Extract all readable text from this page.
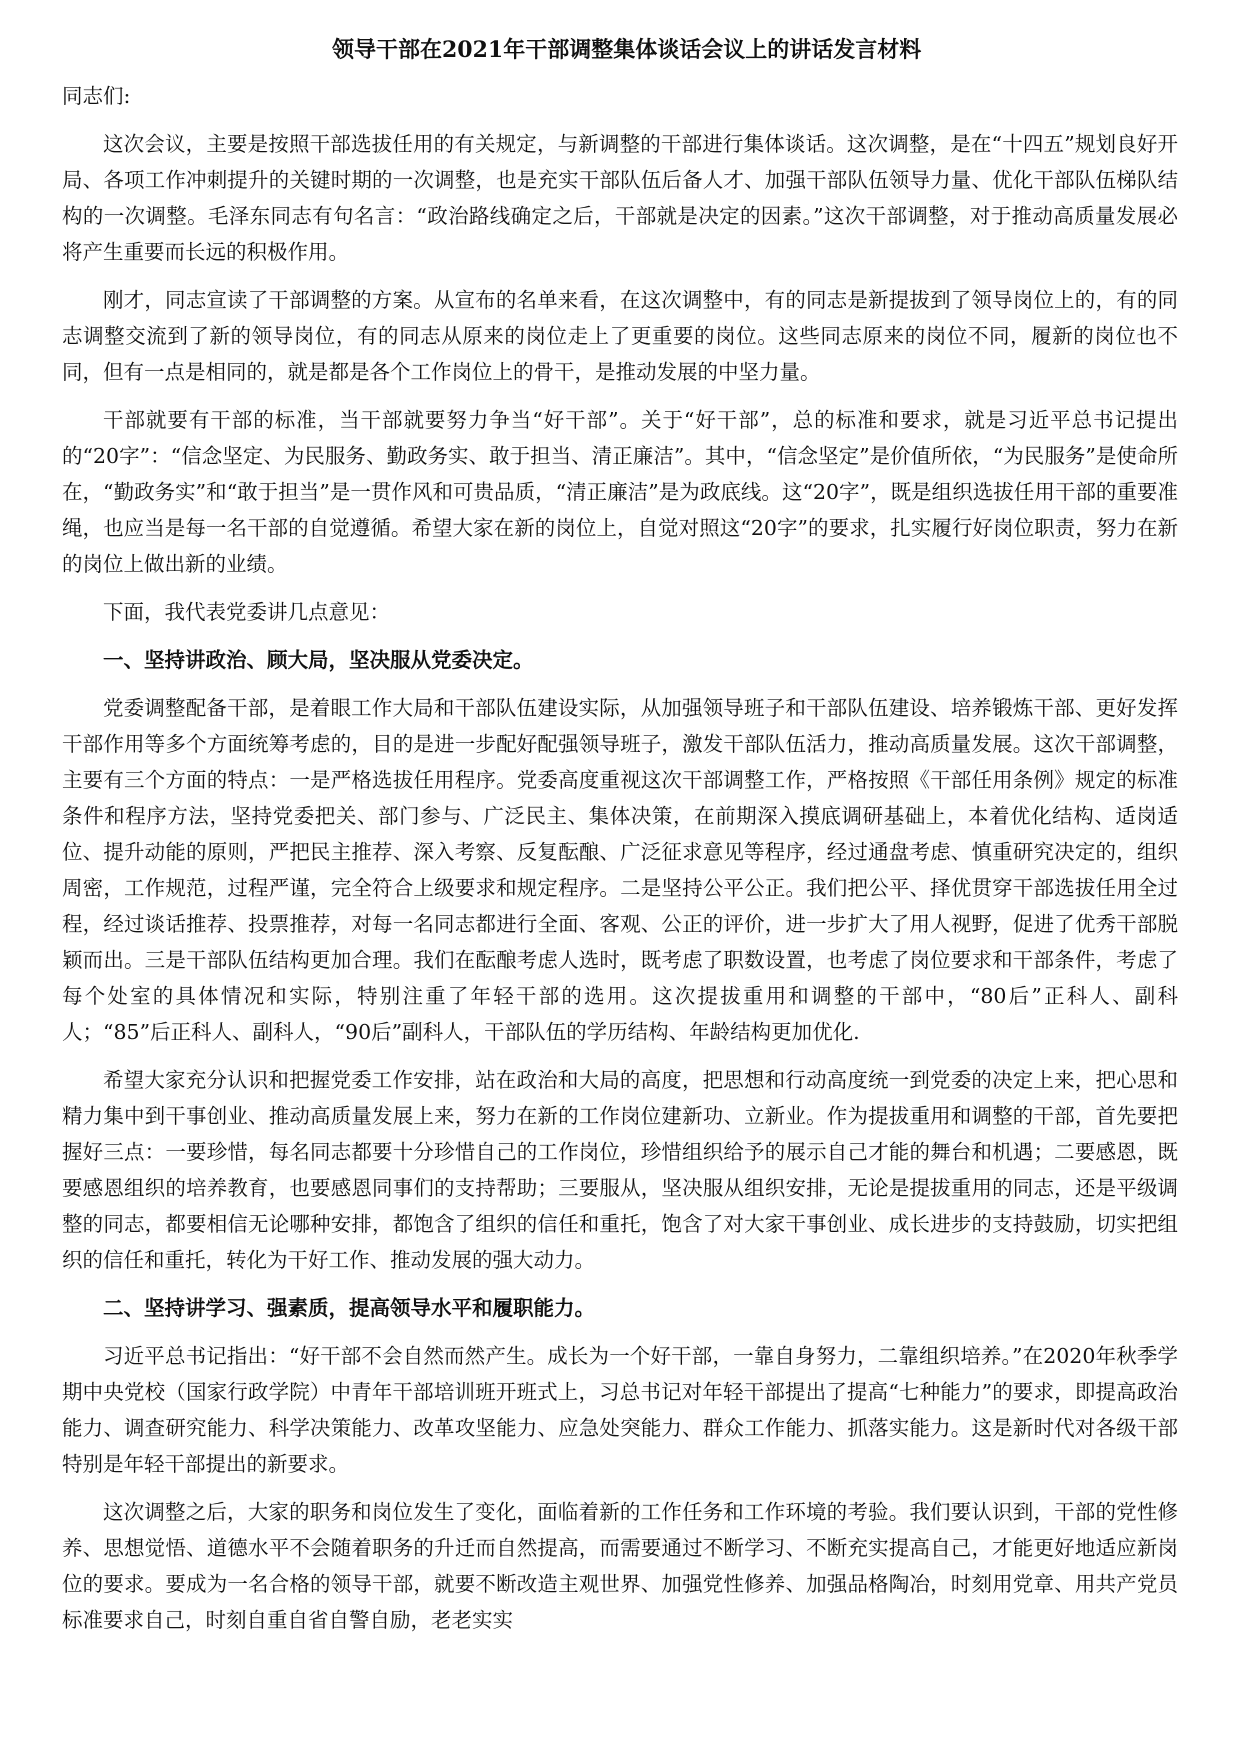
领导干部在2021年干部调整集体谈话会议上的讲话发言材料

同志们:

这次会议，主要是按照干部选拔任用的有关规定，与新调整的干部进行集体谈话。这次调整，是在“十四五”规划良好开局、各项工作冲刺提升的关键时期的一次调整，也是充实干部队伍后备人才、加强干部队伍领导力量、优化干部队伍梯队结构的一次调整。毛泽东同志有句名言：“政治路线确定之后，干部就是决定的因素。”这次干部调整，对于推动高质量发展必将产生重要而长远的积极作用。

刚才，同志宣读了干部调整的方案。从宣布的名单来看，在这次调整中，有的同志是新提拔到了领导岗位上的，有的同志调整交流到了新的领导岗位，有的同志从原来的岗位走上了更重要的岗位。这些同志原来的岗位不同，履新的岗位也不同，但有一点是相同的，就是都是各个工作岗位上的骨干，是推动发展的中坚力量。

干部就要有干部的标准，当干部就要努力争当“好干部”。关于“好干部”，总的标准和要求，就是习近平总书记提出的“20字”：“信念坚定、为民服务、勤政务实、敢于担当、清正廉洁”。其中，“信念坚定”是价值所依，“为民服务”是使命所在，“勤政务实”和“敢于担当”是一贯作风和可贵品质，“清正廉洁”是为政底线。这“20字”，既是组织选拔任用干部的重要准绳，也应当是每一名干部的自觉遵循。希望大家在新的岗位上，自觉对照这“20字”的要求，扎实履行好岗位职责，努力在新的岗位上做出新的业绩。

下面，我代表党委讲几点意见：

一、坚持讲政治、顾大局，坚决服从党委决定。

党委调整配备干部，是着眼工作大局和干部队伍建设实际，从加强领导班子和干部队伍建设、培养锻炼干部、更好发挥干部作用等多个方面统筹考虑的，目的是进一步配好配强领导班子，激发干部队伍活力，推动高质量发展。这次干部调整，主要有三个方面的特点：一是严格选拔任用程序。党委高度重视这次干部调整工作，严格按照《干部任用条例》规定的标准条件和程序方法，坚持党委把关、部门参与、广泛民主、集体决策，在前期深入摸底调研基础上，本着优化结构、适岗适位、提升动能的原则，严把民主推荐、深入考察、反复酝酿、广泛征求意见等程序，经过通盘考虑、慎重研究决定的，组织周密，工作规范，过程严谨，完全符合上级要求和规定程序。二是坚持公平公正。我们把公平、择优贯穿干部选拔任用全过程，经过谈话推荐、投票推荐，对每一名同志都进行全面、客观、公正的评价，进一步扩大了用人视野，促进了优秀干部脱颖而出。三是干部队伍结构更加合理。我们在酝酿考虑人选时，既考虑了职数设置，也考虑了岗位要求和干部条件，考虑了每个处室的具体情况和实际，特别注重了年轻干部的选用。这次提拔重用和调整的干部中，“80后”正科人、副科人；“85”后正科人、副科人，“90后”副科人，干部队伍的学历结构、年龄结构更加优化.

希望大家充分认识和把握党委工作安排，站在政治和大局的高度，把思想和行动高度统一到党委的决定上来，把心思和精力集中到干事创业、推动高质量发展上来，努力在新的工作岗位建新功、立新业。作为提拔重用和调整的干部，首先要把握好三点：一要珍惜，每名同志都要十分珍惜自己的工作岗位，珍惜组织给予的展示自己才能的舞台和机遇；二要感恩，既要感恩组织的培养教育，也要感恩同事们的支持帮助；三要服从，坚决服从组织安排，无论是提拔重用的同志，还是平级调整的同志，都要相信无论哪种安排，都饱含了组织的信任和重托，饱含了对大家干事创业、成长进步的支持鼓励，切实把组织的信任和重托，转化为干好工作、推动发展的强大动力。

二、坚持讲学习、强素质，提高领导水平和履职能力。

习近平总书记指出：“好干部不会自然而然产生。成长为一个好干部，一靠自身努力，二靠组织培养。”在2020年秋季学期中央党校（国家行政学院）中青年干部培训班开班式上，习总书记对年轻干部提出了提高“七种能力”的要求，即提高政治能力、调查研究能力、科学决策能力、改革攻坚能力、应急处突能力、群众工作能力、抓落实能力。这是新时代对各级干部特别是年轻干部提出的新要求。

这次调整之后，大家的职务和岗位发生了变化，面临着新的工作任务和工作环境的考验。我们要认识到，干部的党性修养、思想觉悟、道德水平不会随着职务的升迁而自然提高，而需要通过不断学习、不断充实提高自己，才能更好地适应新岗位的要求。要成为一名合格的领导干部，就要不断改造主观世界、加强党性修养、加强品格陶冶，时刻用党章、用共产党员标准要求自己，时刻自重自省自警自励，老老实实
